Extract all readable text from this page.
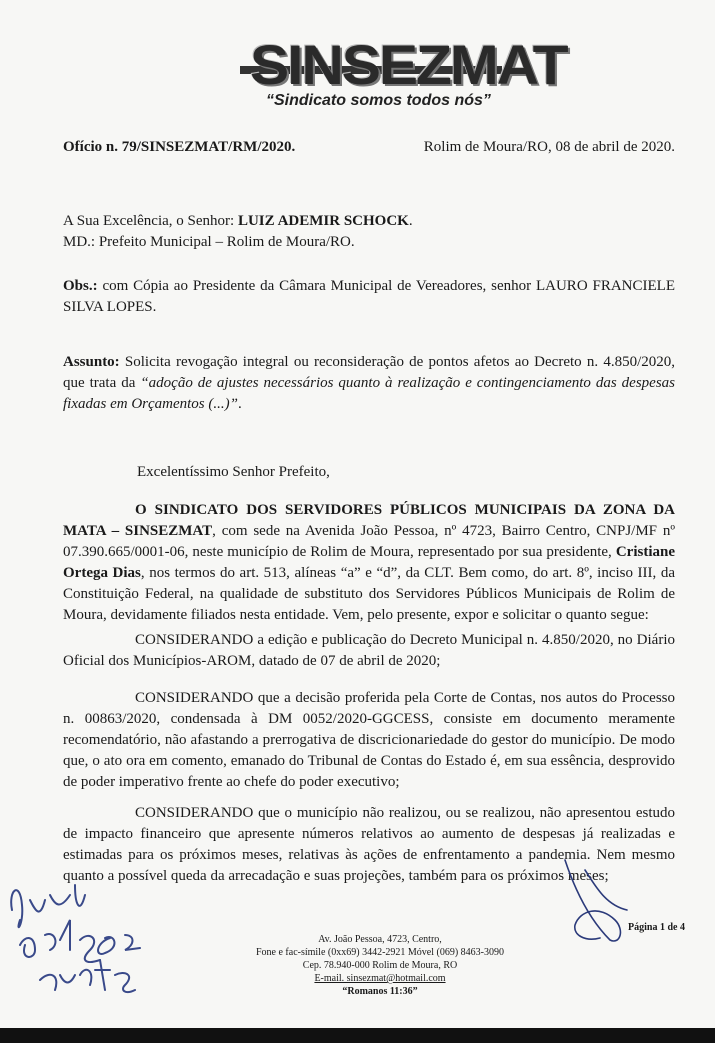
SINSEZMAT
“Sindicato somos todos nós”
Ofício n. 79/SINSEZMAT/RM/2020.	Rolim de Moura/RO, 08 de abril de 2020.
A Sua Excelência, o Senhor: LUIZ ADEMIR SCHOCK.
MD.: Prefeito Municipal – Rolim de Moura/RO.
Obs.: com Cópia ao Presidente da Câmara Municipal de Vereadores, senhor LAURO FRANCIELE SILVA LOPES.
Assunto: Solicita revogação integral ou reconsideração de pontos afetos ao Decreto n. 4.850/2020, que trata da “adoção de ajustes necessários quanto à realização e contingenciamento das despesas fixadas em Orçamentos (...)”.
Excelentíssimo Senhor Prefeito,
O SINDICATO DOS SERVIDORES PÚBLICOS MUNICIPAIS DA ZONA DA MATA – SINSEZMAT, com sede na Avenida João Pessoa, nº 4723, Bairro Centro, CNPJ/MF nº 07.390.665/0001-06, neste município de Rolim de Moura, representado por sua presidente, Cristiane Ortega Dias, nos termos do art. 513, alíneas “a” e “d”, da CLT. Bem como, do art. 8º, inciso III, da Constituição Federal, na qualidade de substituto dos Servidores Públicos Municipais de Rolim de Moura, devidamente filiados nesta entidade. Vem, pelo presente, expor e solicitar o quanto segue:
CONSIDERANDO a edição e publicação do Decreto Municipal n. 4.850/2020, no Diário Oficial dos Municípios-AROM, datado de 07 de abril de 2020;
CONSIDERANDO que a decisão proferida pela Corte de Contas, nos autos do Processo n. 00863/2020, condensada à DM 0052/2020-GGCESS, consiste em documento meramente recomendatório, não afastando a prerrogativa de discricionariedade do gestor do município. De modo que, o ato ora em comento, emanado do Tribunal de Contas do Estado é, em sua essência, desprovido de poder imperativo frente ao chefe do poder executivo;
CONSIDERANDO que o município não realizou, ou se realizou, não apresentou estudo de impacto financeiro que apresente números relativos ao aumento de despesas já realizadas e estimadas para os próximos meses, relativas às ações de enfrentamento a pandemia. Nem mesmo quanto a possível queda da arrecadação e suas projeções, também para os próximos meses;
Página 1 de 4
Av. João Pessoa, 4723, Centro,
Fone e fac-símile (0xx69) 3442-2921 Móvel (069) 8463-3090
Cep. 78.940-000 Rolim de Moura, RO
E-mail. sinsezmat@hotmail.com
“Romanos 11:36”
